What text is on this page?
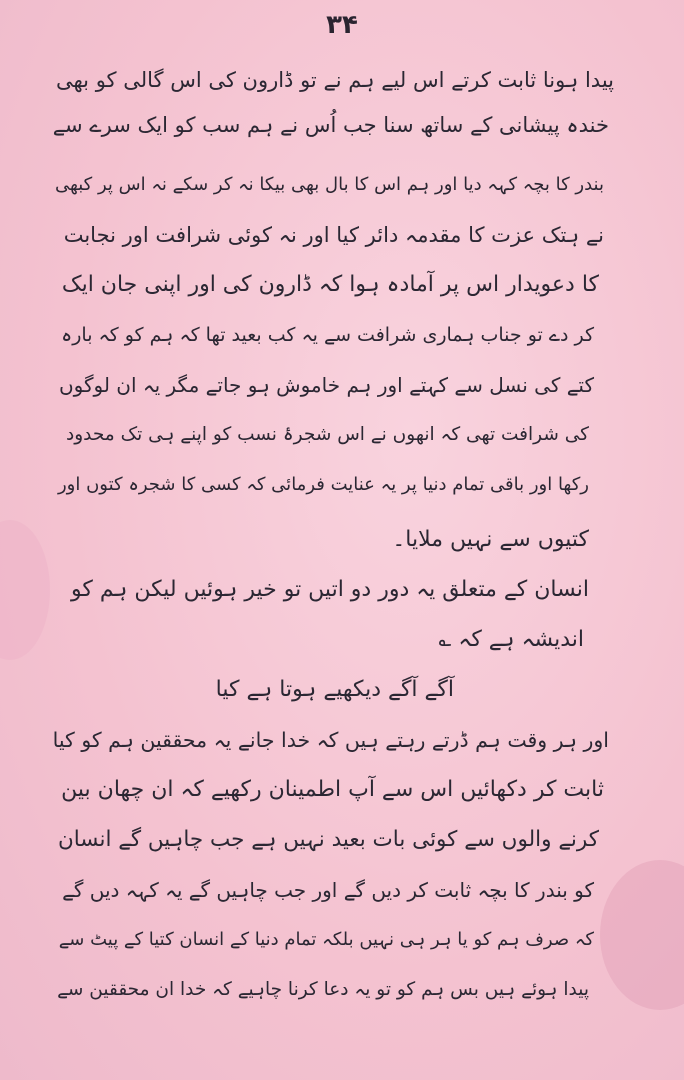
۳۴
پیدا ہونا ثابت کرتے اس لیے ہم نے تو ڈارون کی اس گالی کو بھی
خندہ پیشانی کے ساتھ سنا جب اُس نے ہم سب کو ایک سرے سے
بندر کا بچہ کہہ دیا اور ہم اس کا بال بھی بیکا نہ کر سکے نہ اس پر کبھی
نے ہتک عزت کا مقدمہ دائر کیا اور نہ کوئی شرافت اور نجابت
کا دعویدار اس پر آمادہ ہوا کہ ڈارون کی اور اپنی جان ایک
کر دے تو جناب ہماری شرافت سے یہ کب بعید تھا کہ ہم کو کہ بارہ
کتے کی نسل سے کہتے اور ہم خاموش ہو جاتے مگر یہ ان لوگوں
کی شرافت تھی کہ انھوں نے اس شجرۂ نسب کو اپنے ہی تک محدود
رکھا اور باقی تمام دنیا پر یہ عنایت فرمائی کہ کسی کا شجرہ کتوں اور
کتیوں سے نہیں ملایا۔
انسان کے متعلق یہ دور دو اتیں تو خیر ہوئیں لیکن ہم کو
اندیشہ ہے کہ ؎
آگے آگے دیکھیے ہوتا ہے کیا
اور ہر وقت ہم ڈرتے رہتے ہیں کہ خدا جانے یہ محققین ہم کو کیا
ثابت کر دکھائیں اس سے آپ اطمینان رکھیے کہ ان چھان بین
کرنے والوں سے کوئی بات بعید نہیں ہے جب چاہیں گے انسان
کو بندر کا بچہ ثابت کر دیں گے اور جب چاہیں گے یہ کہہ دیں گے
کہ صرف ہم کو یا ہر ہی نہیں بلکہ تمام دنیا کے انسان کتیا کے پیٹ سے
پیدا ہوئے ہیں بس ہم کو تو یہ دعا کرنا چاہیے کہ خدا ان محققین سے
